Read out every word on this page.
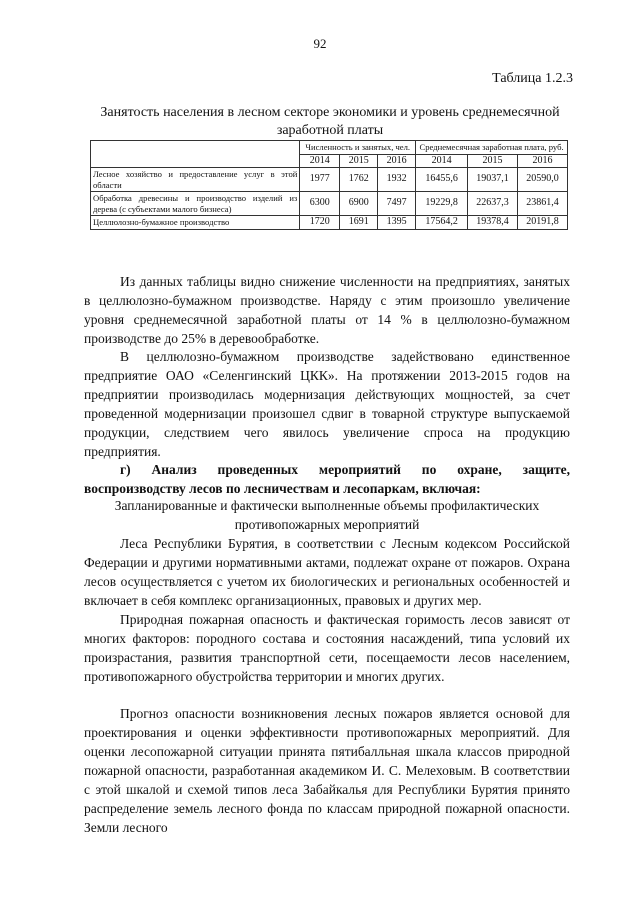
92
Таблица 1.2.3
Занятость населения в лесном секторе экономики и уровень среднемесячной заработной платы
	Численность и занятых, чел.			Среднемесячная заработная плата, руб.		
	2014	2015	2016	2014	2015	2016
Лесное хозяйство и предоставление услуг в этой области	1977	1762	1932	16455,6	19037,1	20590,0
Обработка древесины и производство изделий из дерева (с субъектами малого бизнеса)	6300	6900	7497	19229,8	22637,3	23861,4
Целлюлозно-бумажное производство	1720	1691	1395	17564,2	19378,4	20191,8

Из данных таблицы видно снижение численности на предприятиях, занятых в целлюлозно-бумажном производстве. Наряду с этим произошло увеличение уровня среднемесячной заработной платы от 14 % в целлюлозно-бумажном производстве до 25% в деревообработке.

В целлюлозно-бумажном производстве задействовано единственное предприятие ОАО «Селенгинский ЦКК». На протяжении 2013-2015 годов на предприятии производилась модернизация действующих мощностей, за счет проведенной модернизации произошел сдвиг в товарной структуре выпускаемой продукции, следствием чего явилось увеличение спроса на продукцию предприятия.

г) Анализ проведенных мероприятий по охране, защите, воспроизводству лесов по лесничествам и лесопаркам, включая:

Запланированные и фактически выполненные объемы профилактических противопожарных мероприятий

Леса Республики Бурятия, в соответствии с Лесным кодексом Российской Федерации и другими нормативными актами, подлежат охране от пожаров. Охрана лесов осуществляется с учетом их биологических и региональных особенностей и включает в себя комплекс организационных, правовых и других мер.

Природная пожарная опасность и фактическая горимость лесов зависят от многих факторов: породного состава и состояния насаждений, типа условий их произрастания, развития транспортной сети, посещаемости лесов населением, противопожарного обустройства территории и многих других.

Прогноз опасности возникновения лесных пожаров является основой для проектирования и оценки эффективности противопожарных мероприятий. Для оценки лесопожарной ситуации принята пятибалльная шкала классов природной пожарной опасности, разработанная академиком И. С. Мелеховым. В соответствии с этой шкалой и схемой типов леса Забайкалья для Республики Бурятия принято распределение земель лесного фонда по классам природной пожарной опасности. Земли лесного
